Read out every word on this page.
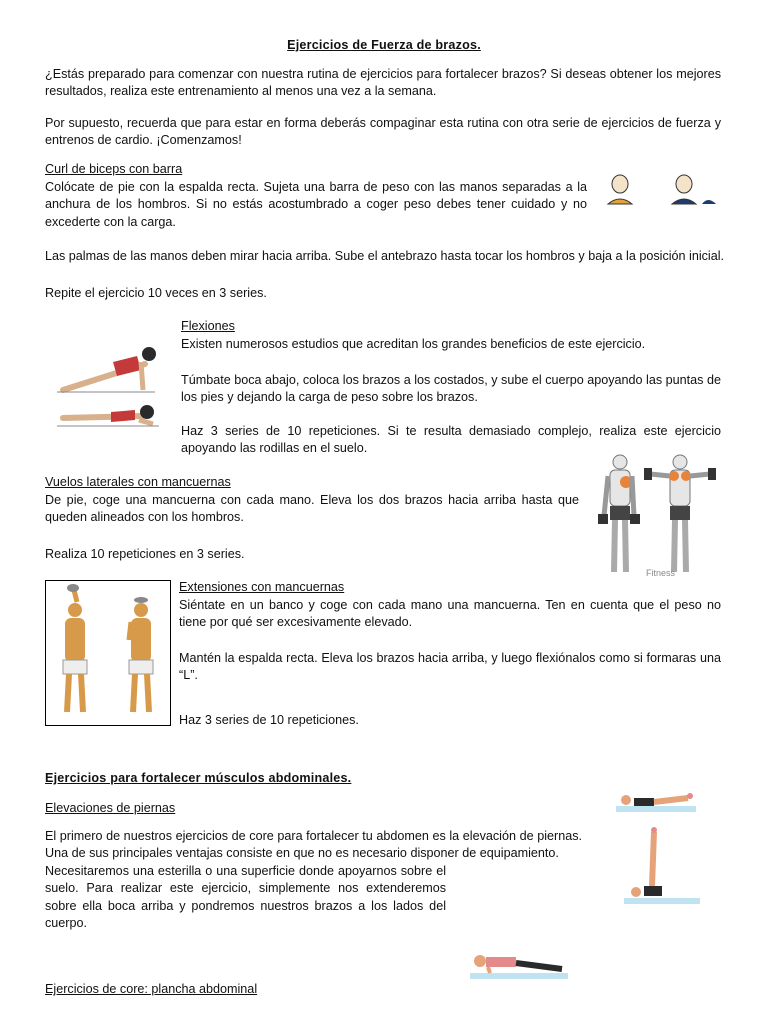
Ejercicios de Fuerza de brazos.
¿Estás preparado para comenzar con nuestra rutina de ejercicios para fortalecer brazos? Si deseas obtener los mejores resultados, realiza este entrenamiento al menos una vez a la semana.
Por supuesto, recuerda que para estar en forma deberás compaginar esta rutina con otra serie de ejercicios de fuerza y entrenos de cardio. ¡Comenzamos!
Curl de biceps con barra
Colócate de pie con la espalda recta. Sujeta una barra de peso con las manos separadas a la anchura de los hombros. Si no estás acostumbrado a coger peso debes tener cuidado y no excederte con la carga.
Las palmas de las manos deben mirar hacia arriba. Sube el antebrazo hasta tocar los hombros y baja a la posición inicial.
Repite el ejercicio 10 veces en 3 series.
Flexiones
Existen numerosos estudios que acreditan los grandes beneficios de este ejercicio.
Túmbate boca abajo, coloca los brazos a los costados, y sube el cuerpo apoyando las puntas de los pies y dejando la carga de peso sobre los brazos.
Haz 3 series de 10 repeticiones. Si te resulta demasiado complejo, realiza este ejercicio apoyando las rodillas en el suelo.
Vuelos laterales con mancuernas
De pie, coge una mancuerna con cada mano. Eleva los dos brazos hacia arriba hasta que queden alineados con los hombros.
Realiza 10 repeticiones en 3 series.
Fitness
Extensiones con mancuernas
Siéntate en un banco y coge con cada mano una mancuerna. Ten en cuenta que el peso no tiene por qué ser excesivamente elevado.
Mantén la espalda recta. Eleva los brazos hacia arriba, y luego flexiónalos como si formaras una “L”.
Haz 3 series de 10 repeticiones.
Ejercicios para fortalecer músculos abdominales.
Elevaciones de piernas
El primero de nuestros ejercicios de core para fortalecer tu abdomen es la elevación de piernas. Una de sus principales ventajas consiste en que no es necesario disponer de equipamiento.
Necesitaremos una esterilla o una superficie donde apoyarnos sobre el suelo. Para realizar este ejercicio, simplemente nos extenderemos sobre ella boca arriba y pondremos nuestros brazos a los lados del cuerpo.
Ejercicios de core: plancha abdominal
